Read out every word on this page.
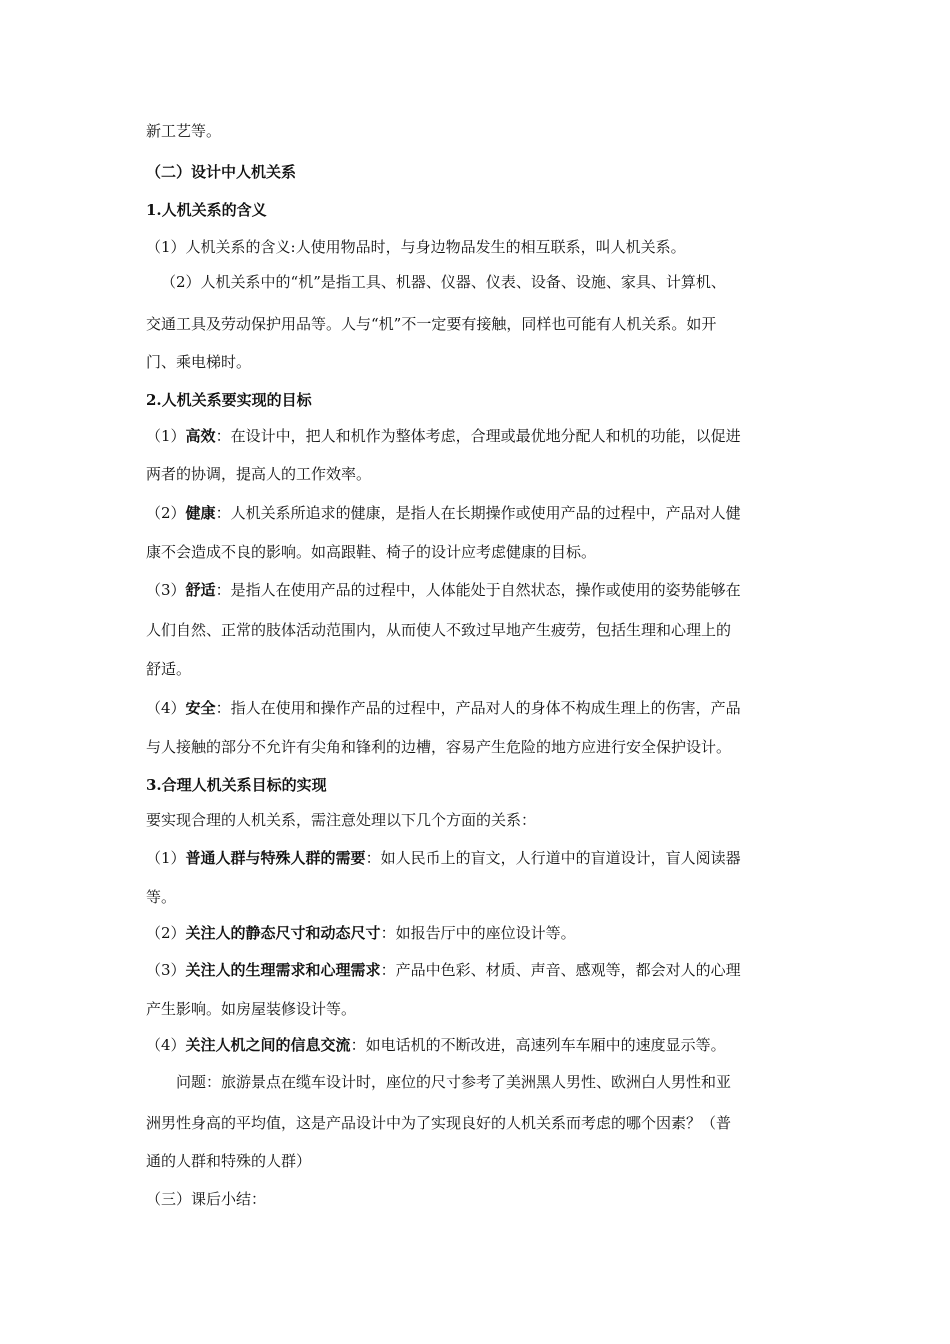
新工艺等。
（二）设计中人机关系
1.人机关系的含义
（1）人机关系的含义:人使用物品时，与身边物品发生的相互联系，叫人机关系。
（2）人机关系中的“机”是指工具、机器、仪器、仪表、设备、设施、家具、计算机、
交通工具及劳动保护用品等。人与“机”不一定要有接触，同样也可能有人机关系。如开
门、乘电梯时。
2.人机关系要实现的目标
（1）高效：在设计中，把人和机作为整体考虑，合理或最优地分配人和机的功能，以促进
两者的协调，提高人的工作效率。
（2）健康：人机关系所追求的健康，是指人在长期操作或使用产品的过程中，产品对人健
康不会造成不良的影响。如高跟鞋、椅子的设计应考虑健康的目标。
（3）舒适：是指人在使用产品的过程中，人体能处于自然状态，操作或使用的姿势能够在
人们自然、正常的肢体活动范围内，从而使人不致过早地产生疲劳，包括生理和心理上的
舒适。
（4）安全：指人在使用和操作产品的过程中，产品对人的身体不构成生理上的伤害，产品
与人接触的部分不允许有尖角和锋利的边槽，容易产生危险的地方应进行安全保护设计。
3.合理人机关系目标的实现
要实现合理的人机关系，需注意处理以下几个方面的关系：
（1）普通人群与特殊人群的需要：如人民币上的盲文，人行道中的盲道设计，盲人阅读器
等。
（2）关注人的静态尺寸和动态尺寸：如报告厅中的座位设计等。
（3）关注人的生理需求和心理需求：产品中色彩、材质、声音、感观等，都会对人的心理
产生影响。如房屋装修设计等。
（4）关注人机之间的信息交流：如电话机的不断改进，高速列车车厢中的速度显示等。
问题：旅游景点在缆车设计时，座位的尺寸参考了美洲黑人男性、欧洲白人男性和亚
洲男性身高的平均值，这是产品设计中为了实现良好的人机关系而考虑的哪个因素？（普
通的人群和特殊的人群）
（三）课后小结：
